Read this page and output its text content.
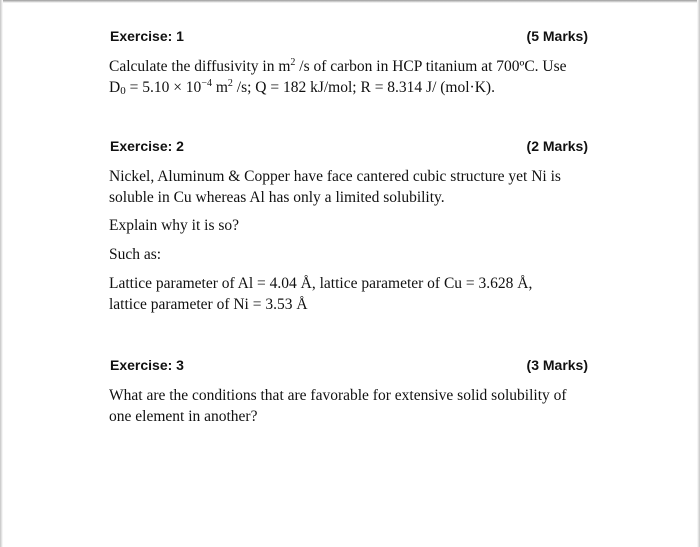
Exercise: 1	(5 Marks)
Calculate the diffusivity in $m^2$ /s of carbon in HCP titanium at 700ºC. Use
$D_0 = 5.10 \times 10^{-4}$ $m^2$ /s; Q = 182 kJ/mol; R = 8.314 J/ (mol·K).
Exercise: 2	(2 Marks)
Nickel, Aluminum & Copper have face cantered cubic structure yet Ni is
soluble in Cu whereas Al has only a limited solubility.
Explain why it is so?
Such as:
Lattice parameter of Al = 4.04 Å, lattice parameter of Cu = 3.628 Å,
lattice parameter of Ni = 3.53 Å
Exercise: 3	(3 Marks)
What are the conditions that are favorable for extensive solid solubility of
one element in another?
